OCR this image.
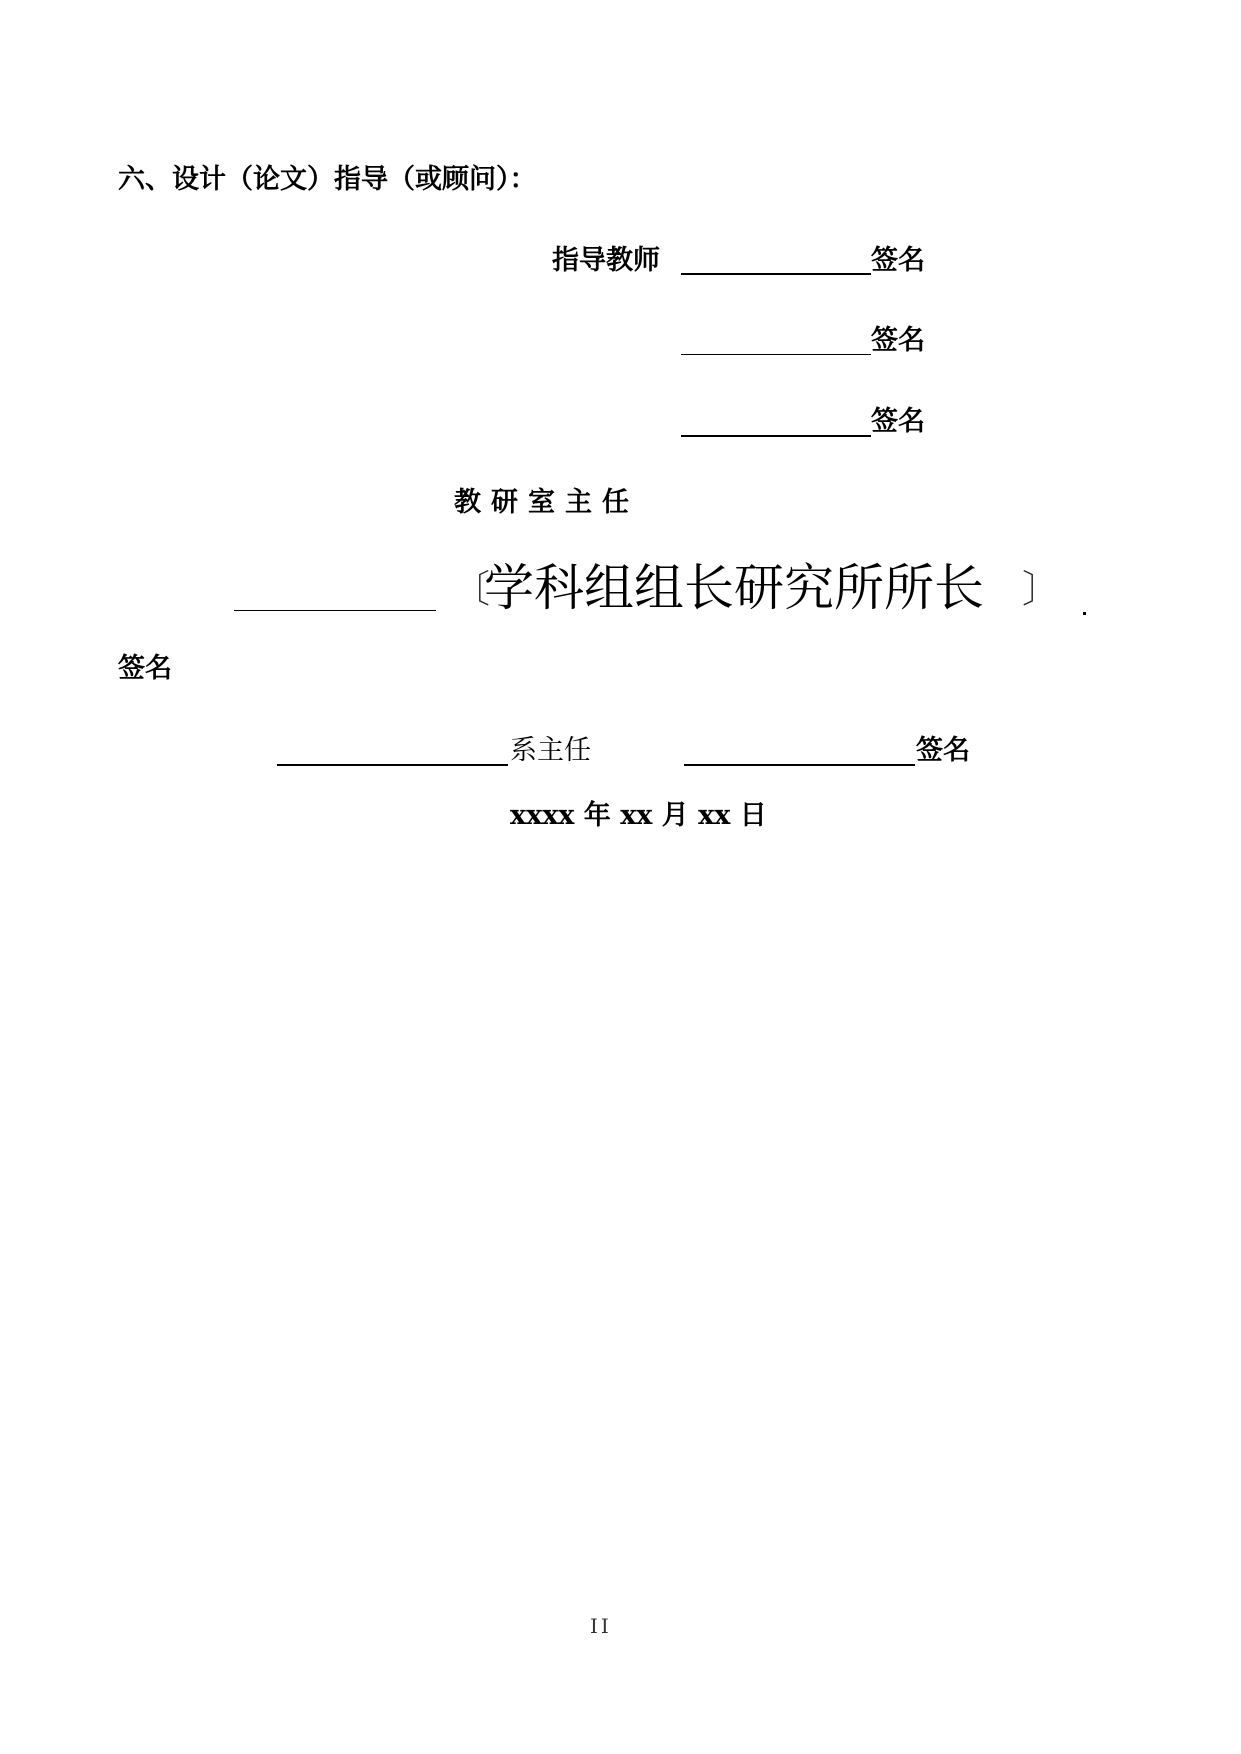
六、设计（论文）指导（或顾问）：
指导教师	签名
签名
签名
教研室主任
〔
学科组组长研究所所长 〕
签名
系主任	签名
xxxx 年 xx 月 xx 日
II
